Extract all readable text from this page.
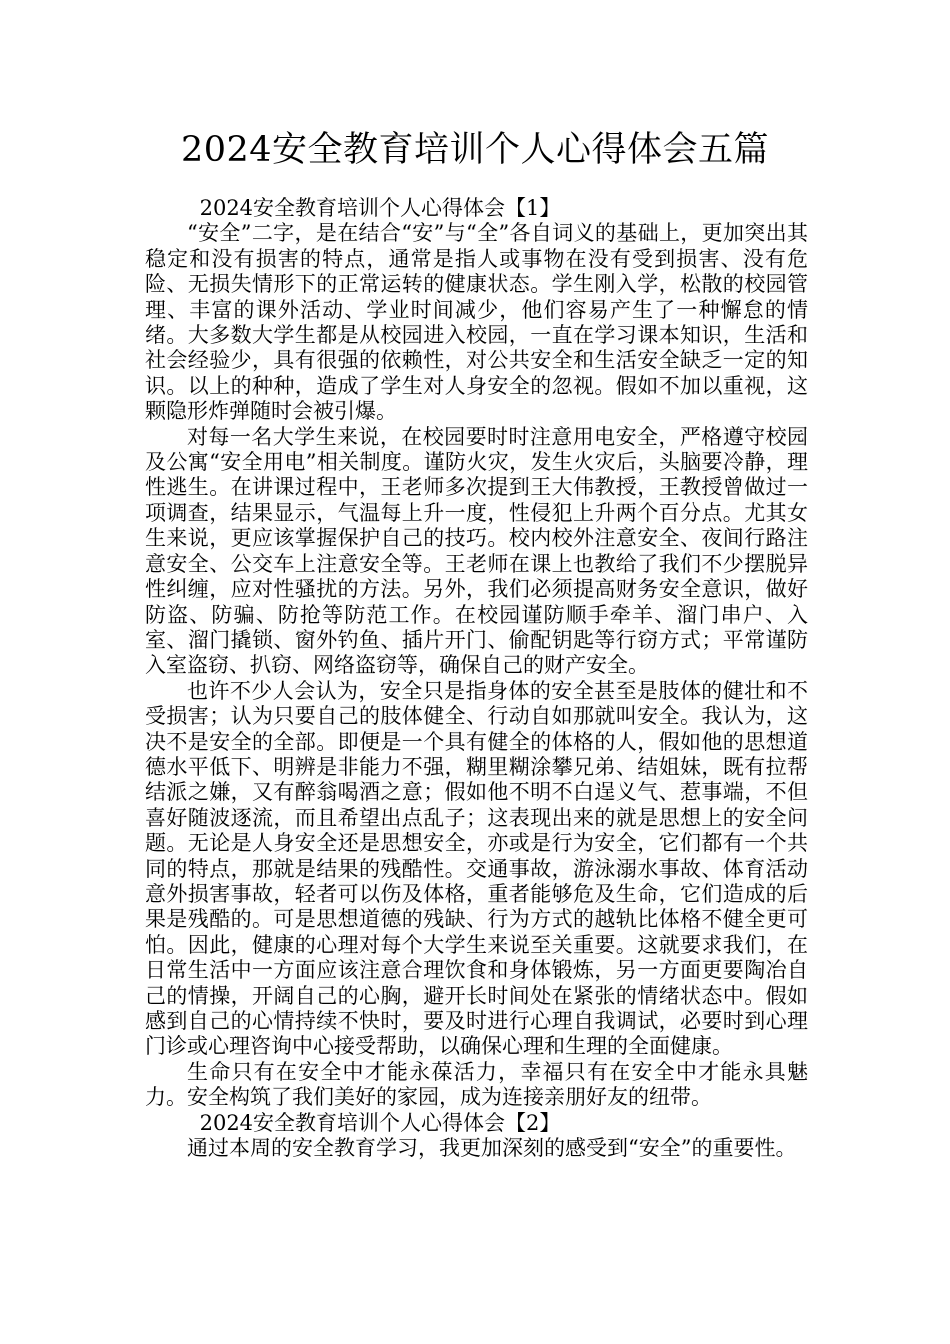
2024安全教育培训个人心得体会五篇

2024安全教育培训个人心得体会【1】

“安全”二字，是在结合“安”与“全”各自词义的基础上，更加突出其稳定和没有损害的特点，通常是指人或事物在没有受到损害、没有危险、无损失情形下的正常运转的健康状态。学生刚入学，松散的校园管理、丰富的课外活动、学业时间减少，他们容易产生了一种懈怠的情绪。大多数大学生都是从校园进入校园，一直在学习课本知识，生活和社会经验少，具有很强的依赖性，对公共安全和生活安全缺乏一定的知识。以上的种种，造成了学生对人身安全的忽视。假如不加以重视，这颗隐形炸弹随时会被引爆。

对每一名大学生来说，在校园要时时注意用电安全，严格遵守校园及公寓“安全用电”相关制度。谨防火灾，发生火灾后，头脑要冷静，理性逃生。在讲课过程中，王老师多次提到王大伟教授，王教授曾做过一项调查，结果显示，气温每上升一度，性侵犯上升两个百分点。尤其女生来说，更应该掌握保护自己的技巧。校内校外注意安全、夜间行路注意安全、公交车上注意安全等。王老师在课上也教给了我们不少摆脱异性纠缠，应对性骚扰的方法。另外，我们必须提高财务安全意识，做好防盗、防骗、防抢等防范工作。在校园谨防顺手牵羊、溜门串户、入室、溜门撬锁、窗外钓鱼、插片开门、偷配钥匙等行窃方式；平常谨防入室盗窃、扒窃、网络盗窃等，确保自己的财产安全。

也许不少人会认为，安全只是指身体的安全甚至是肢体的健壮和不受损害；认为只要自己的肢体健全、行动自如那就叫安全。我认为，这决不是安全的全部。即便是一个具有健全的体格的人，假如他的思想道德水平低下、明辨是非能力不强，糊里糊涂攀兄弟、结姐妹，既有拉帮结派之嫌，又有醉翁喝酒之意；假如他不明不白逞义气、惹事端，不但喜好随波逐流，而且希望出点乱子；这表现出来的就是思想上的安全问题。无论是人身安全还是思想安全，亦或是行为安全，它们都有一个共同的特点，那就是结果的残酷性。交通事故，游泳溺水事故、体育活动意外损害事故，轻者可以伤及体格，重者能够危及生命，它们造成的后果是残酷的。可是思想道德的残缺、行为方式的越轨比体格不健全更可怕。因此，健康的心理对每个大学生来说至关重要。这就要求我们，在日常生活中一方面应该注意合理饮食和身体锻炼，另一方面更要陶冶自己的情操，开阔自己的心胸，避开长时间处在紧张的情绪状态中。假如感到自己的心情持续不快时，要及时进行心理自我调试，必要时到心理门诊或心理咨询中心接受帮助，以确保心理和生理的全面健康。

生命只有在安全中才能永葆活力，幸福只有在安全中才能永具魅力。安全构筑了我们美好的家园，成为连接亲朋好友的纽带。

2024安全教育培训个人心得体会【2】

通过本周的安全教育学习，我更加深刻的感受到“安全”的重要性。
